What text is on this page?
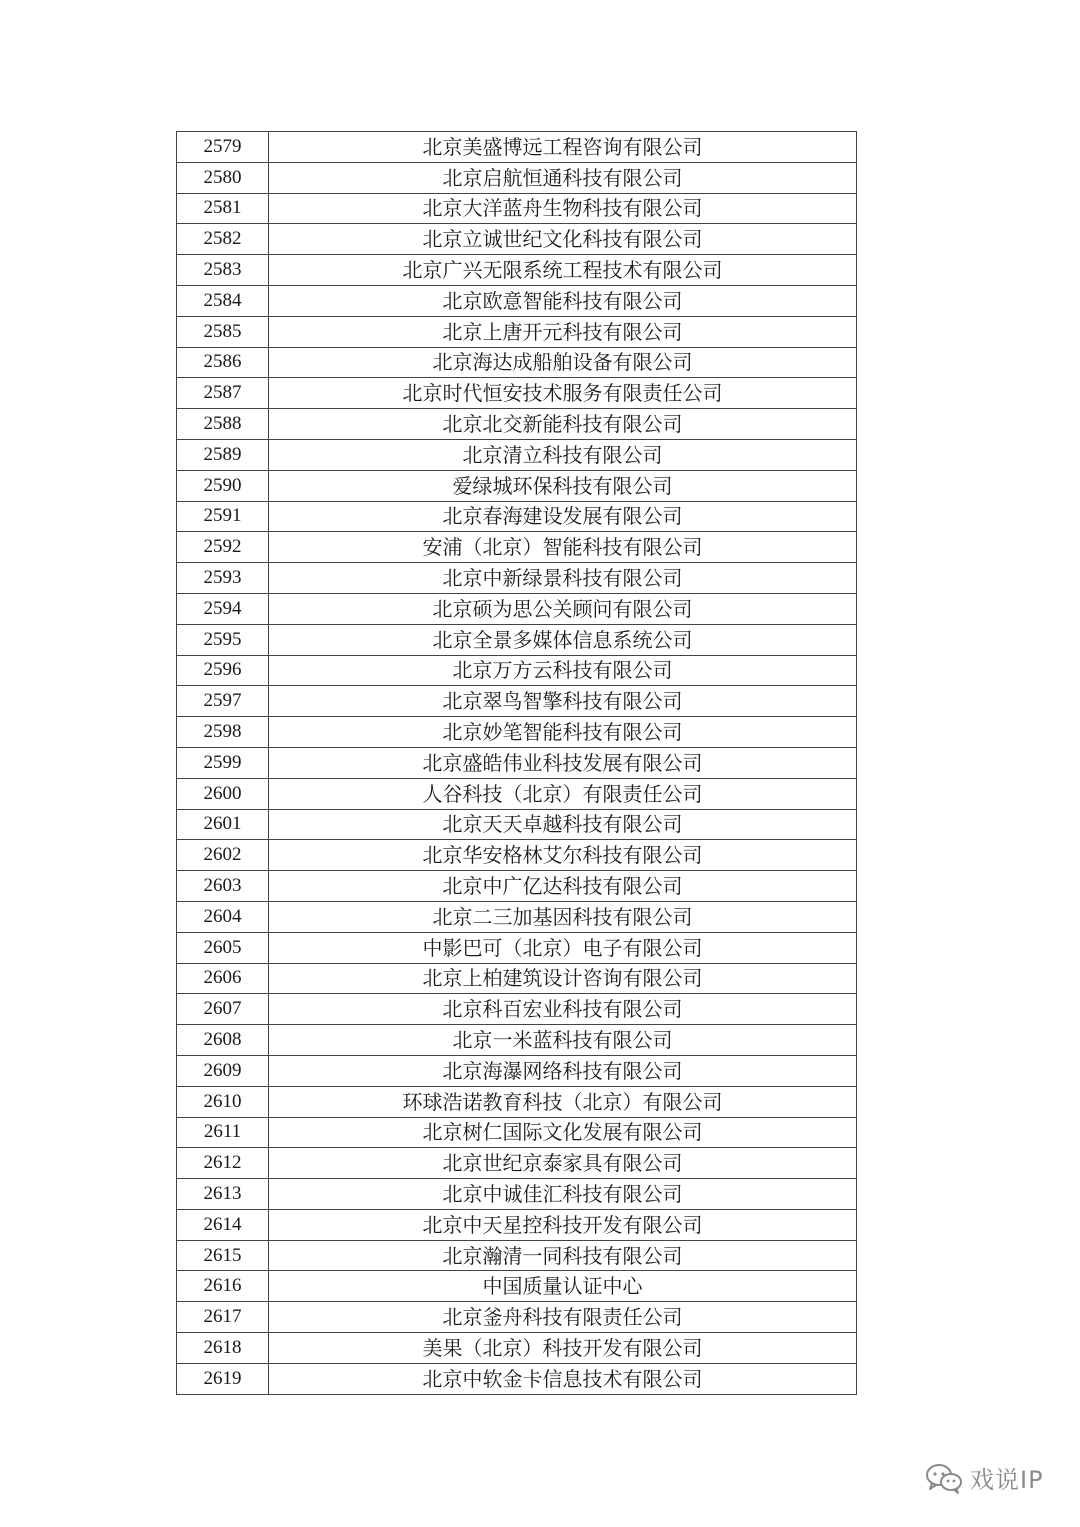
2579	北京美盛博远工程咨询有限公司
2580	北京启航恒通科技有限公司
2581	北京大洋蓝舟生物科技有限公司
2582	北京立诚世纪文化科技有限公司
2583	北京广兴无限系统工程技术有限公司
2584	北京欧意智能科技有限公司
2585	北京上唐开元科技有限公司
2586	北京海达成船舶设备有限公司
2587	北京时代恒安技术服务有限责任公司
2588	北京北交新能科技有限公司
2589	北京清立科技有限公司
2590	爱绿城环保科技有限公司
2591	北京春海建设发展有限公司
2592	安浦（北京）智能科技有限公司
2593	北京中新绿景科技有限公司
2594	北京硕为思公关顾问有限公司
2595	北京全景多媒体信息系统公司
2596	北京万方云科技有限公司
2597	北京翠鸟智擎科技有限公司
2598	北京妙笔智能科技有限公司
2599	北京盛皓伟业科技发展有限公司
2600	人谷科技（北京）有限责任公司
2601	北京天天卓越科技有限公司
2602	北京华安格林艾尔科技有限公司
2603	北京中广亿达科技有限公司
2604	北京二三加基因科技有限公司
2605	中影巴可（北京）电子有限公司
2606	北京上柏建筑设计咨询有限公司
2607	北京科百宏业科技有限公司
2608	北京一米蓝科技有限公司
2609	北京海瀑网络科技有限公司
2610	环球浩诺教育科技（北京）有限公司
2611	北京树仁国际文化发展有限公司
2612	北京世纪京泰家具有限公司
2613	北京中诚佳汇科技有限公司
2614	北京中天星控科技开发有限公司
2615	北京瀚清一同科技有限公司
2616	中国质量认证中心
2617	北京釜舟科技有限责任公司
2618	美果（北京）科技开发有限公司
2619	北京中软金卡信息技术有限公司
戏说IP
